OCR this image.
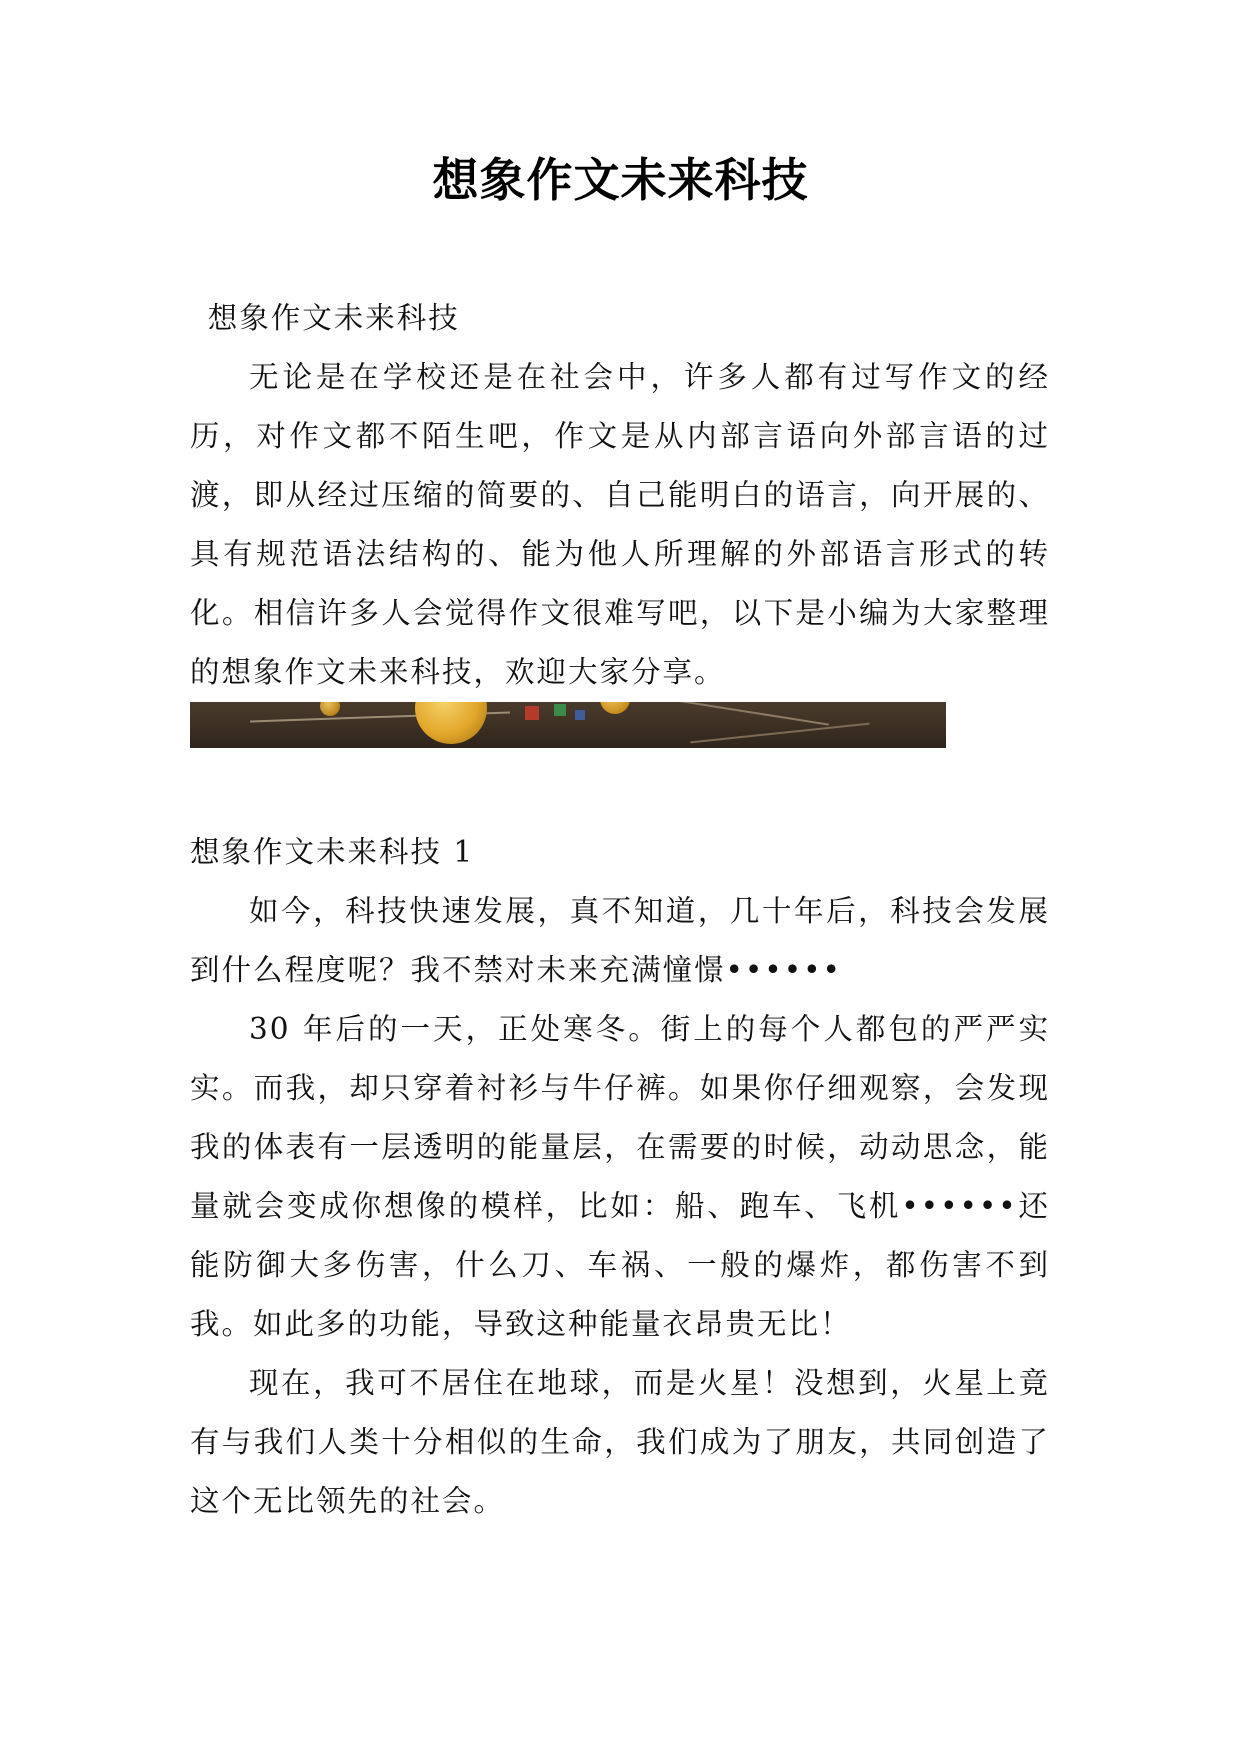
想象作文未来科技

想象作文未来科技

无论是在学校还是在社会中，许多人都有过写作文的经历，对作文都不陌生吧，作文是从内部言语向外部言语的过渡，即从经过压缩的简要的、自己能明白的语言，向开展的、具有规范语法结构的、能为他人所理解的外部语言形式的转化。相信许多人会觉得作文很难写吧，以下是小编为大家整理的想象作文未来科技，欢迎大家分享。

想象作文未来科技 1

如今，科技快速发展，真不知道，几十年后，科技会发展到什么程度呢？我不禁对未来充满憧憬••••••

30 年后的一天，正处寒冬。街上的每个人都包的严严实实。而我，却只穿着衬衫与牛仔裤。如果你仔细观察，会发现我的体表有一层透明的能量层，在需要的时候，动动思念，能量就会变成你想像的模样，比如：船、跑车、飞机••••••还能防御大多伤害，什么刀、车祸、一般的爆炸，都伤害不到我。如此多的功能，导致这种能量衣昂贵无比！

现在，我可不居住在地球，而是火星！没想到，火星上竟有与我们人类十分相似的生命，我们成为了朋友，共同创造了这个无比领先的社会。
